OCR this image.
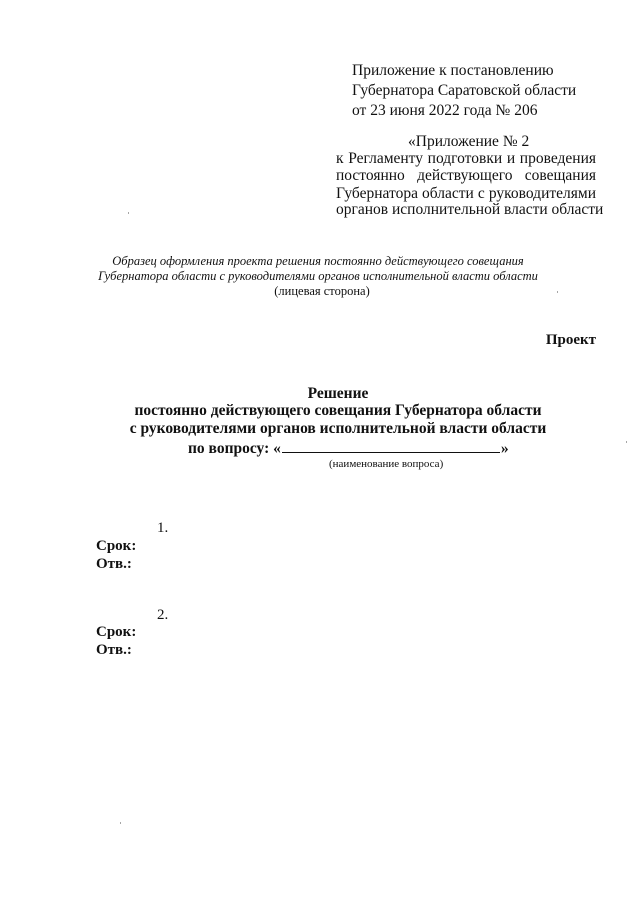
Приложение к постановлению
Губернатора Саратовской области
от 23 июня 2022 года № 206
«Приложение № 2
к Регламенту подготовки и проведения
постоянно действующего совещания
Губернатора области с руководителями
органов исполнительной власти области
Образец оформления проекта решения постоянно действующего совещания
Губернатора области с руководителями органов исполнительной власти области
(лицевая сторона)
Проект
Решение
постоянно действующего совещания Губернатора области
с руководителями органов исполнительной власти области
по вопросу: «	»
(наименование вопроса)
1.
Срок:
Отв.:
2.
Срок:
Отв.:
